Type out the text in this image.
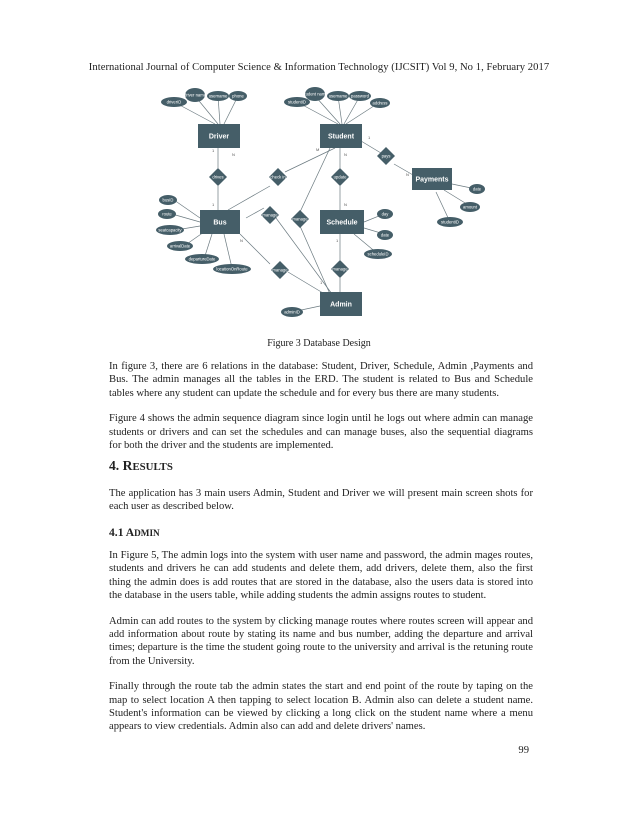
International Journal of Computer Science & Information Technology (IJCSIT) Vol 9, No 1, February 2017
1
N
1
M
N
1
N
N
1
1
N
driverID
driver name username phone
studentID
student name username password
address
busID
route
seatcapacity
arrivalDate
departureDate
locationOnRoute
day
date
scheduleID
date
amount
studentID
adminID
drives
pays
check in	update
manage
manage
manage	manage
Driver	Student
Payments
Bus	Schedule
Admin
Figure 3 Database Design

In figure 3, there are 6 relations in the database: Student, Driver, Schedule, Admin ,Payments and Bus. The admin manages all the tables in the ERD. The student is related to Bus and Schedule tables where any student can update the schedule and for every bus there are many students.

Figure 4 shows the admin sequence diagram since login until he logs out where admin can manage students or drivers and can set the schedules and can manage buses, also the sequential diagrams for both the driver and the students are implemented.

4. RESULTS

The application has 3 main users Admin, Student and Driver we will present main screen shots for each user as described below.

4.1 ADMIN

In Figure 5, The admin logs into the system with user name and password, the admin mages routes, students and drivers he can add students and delete them, add drivers, delete them, also the first thing the admin does is add routes that are stored in the database, also the users data is stored into the database in the users table, while adding students the admin assigns routes to student.

Admin can add routes to the system by clicking manage routes where routes screen will appear and add information about route by stating its name and bus number, adding the departure and arrival times; departure is the time the student going route to the university and arrival is the retuning route from the University.

Finally through the route tab the admin states the start and end point of the route by taping on the map to select location A then tapping to select location B. Admin also can delete a student name. Student's information can be viewed by clicking a long click on the student name where a menu appears to view credentials. Admin also can add and delete drivers' names.

99
